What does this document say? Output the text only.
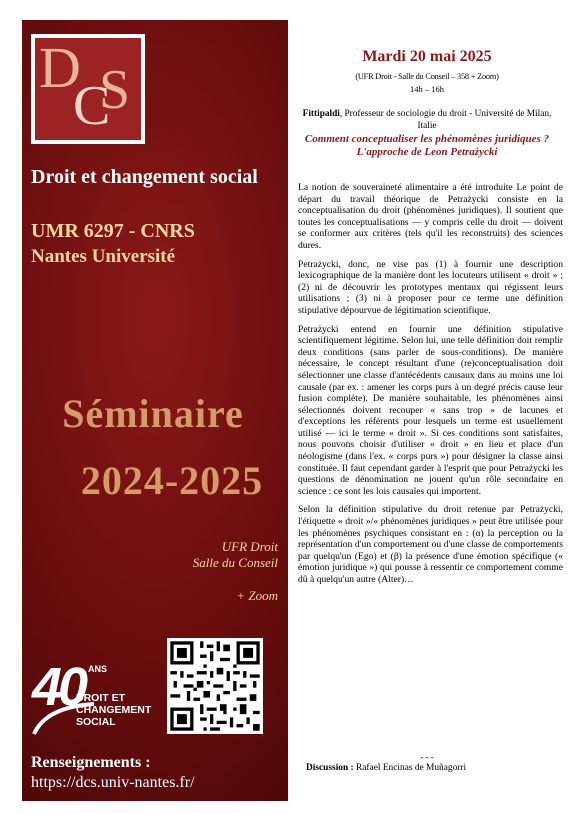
D
C
S
Droit et changement social
UMR 6297 - CNRS
Nantes Université
Séminaire
2024-2025
UFR Droit
Salle du Conseil
+ Zoom
40 ANS
DROIT ET
CHANGEMENT
SOCIAL
Renseignements :
https://dcs.univ-nantes.fr/
Mardi 20 mai 2025
(UFR Droit - Salle du Conseil – 358 + Zoom)
14h – 16h
Fittipaldi, Professeur de sociologie du droit - Université de Milan, Italie
Comment conceptualiser les phénomènes juridiques ? L'approche de Leon Petrażycki

La notion de souveraineté alimentaire a été introduite Le point de départ du travail théorique de Petrażycki consiste en la conceptualisation du droit (phénomènes juridiques). Il soutient que toutes les conceptualisations — y compris celle du droit — doivent se conformer aux critères (tels qu'il les reconstruits) des sciences dures.

Petrażycki, donc, ne vise pas (1) à fournir une description lexicographique de la manière dont les locuteurs utilisent « droit » ; (2) ni de découvrir les prototypes mentaux qui régissent leurs utilisations ; (3) ni à proposer pour ce terme une définition stipulative dépourvue de légitimation scientifique.

Petrażycki entend en fournir une définition stipulative scientifiquement légitime. Selon lui, une telle définition doit remplir deux conditions (sans parler de sous-conditions). De manière nécessaire, le concept résultant d'une (re)conceptualisation doit sélectionner une classe d'antécédents causaux dans au moins une loi causale (par ex. : amener les corps purs à un degré précis cause leur fusion complète). De manière souhaitable, les phénomènes ainsi sélectionnés doivent recouper « sans trop » de lacunes et d'exceptions les référents pour lesquels un terme est usuellement utilisé — ici le terme « droit ». Si ces conditions sont satisfaites, nous pouvons choisir d'utiliser « droit » en lieu et place d'un néologisme (dans l'ex. « corps purs ») pour désigner la classe ainsi constituée. Il faut cependant garder à l'esprit que pour Petrażycki les questions de dénomination ne jouent qu'un rôle secondaire en science : ce sont les lois causales qui importent.

Selon la définition stipulative du droit retenue par Petrażycki, l'étiquette « droit »/« phénomènes juridiques » peut être utilisée pour les phénomènes psychiques consistant en : (α) la perception ou la représentation d'un comportement ou d'une classe de comportements par quelqu'un (Ego) et (β) la présence d'une émotion spécifique (« émotion juridique ») qui pousse à ressentir ce comportement comme dû à quelqu'un autre (Alter)…

- - -
Discussion : Rafael Encinas de Muñagorri
